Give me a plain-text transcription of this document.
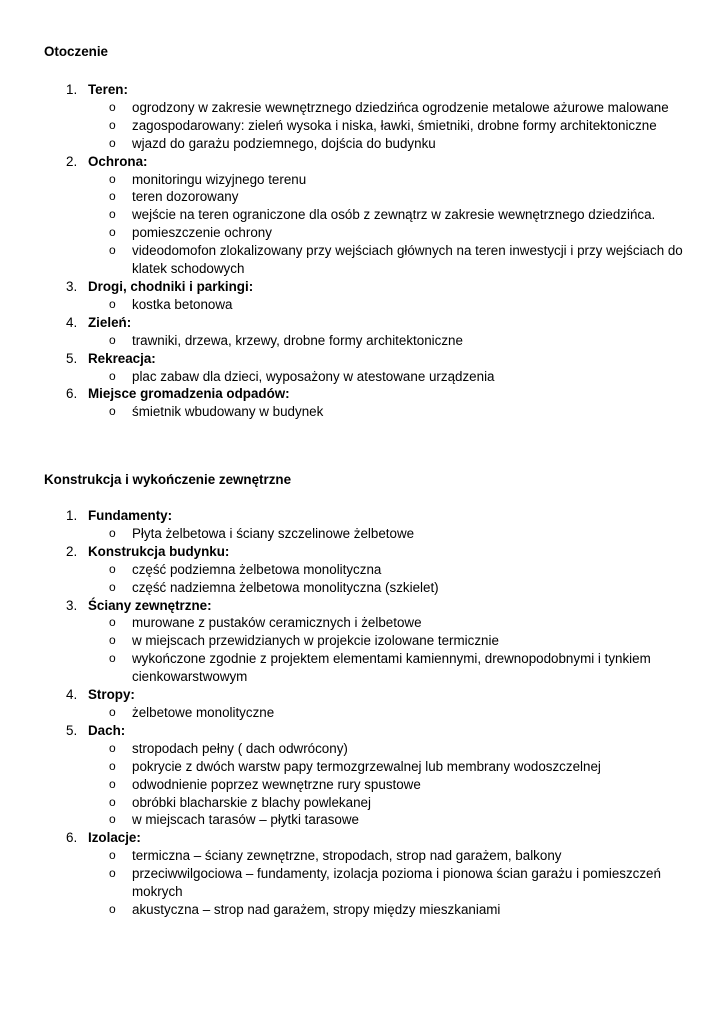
Otoczenie

1. Teren:
o ogrodzony w zakresie wewnętrznego dziedzińca ogrodzenie metalowe ażurowe malowane
o zagospodarowany: zieleń wysoka i niska, ławki, śmietniki, drobne formy architektoniczne
o wjazd do garażu podziemnego, dojścia do budynku
2. Ochrona:
o monitoringu wizyjnego terenu
o teren dozorowany
o wejście na teren ograniczone dla osób z zewnątrz w zakresie wewnętrznego dziedzińca.
o pomieszczenie ochrony
o videodomofon zlokalizowany przy wejściach głównych na teren inwestycji i przy wejściach do klatek schodowych
3. Drogi, chodniki i parkingi:
o kostka betonowa
4. Zieleń:
o trawniki, drzewa, krzewy, drobne formy architektoniczne
5. Rekreacja:
o plac zabaw dla dzieci, wyposażony w atestowane urządzenia
6. Miejsce gromadzenia odpadów:
o śmietnik wbudowany w budynek

Konstrukcja i wykończenie zewnętrzne

1. Fundamenty:
o Płyta żelbetowa i ściany szczelinowe żelbetowe
2. Konstrukcja budynku:
o część podziemna żelbetowa monolityczna
o część nadziemna żelbetowa monolityczna (szkielet)
3. Ściany zewnętrzne:
o murowane z pustaków ceramicznych i żelbetowe
o w miejscach przewidzianych w projekcie izolowane termicznie
o wykończone zgodnie z projektem elementami kamiennymi, drewnopodobnymi i tynkiem cienkowarstwowym
4. Stropy:
o żelbetowe monolityczne
5. Dach:
o stropodach pełny ( dach odwrócony)
o pokrycie z dwóch warstw papy termozgrzewalnej lub membrany wodoszczelnej
o odwodnienie poprzez wewnętrzne rury spustowe
o obróbki blacharskie z blachy powlekanej
o w miejscach tarasów – płytki tarasowe
6. Izolacje:
o termiczna – ściany zewnętrzne, stropodach, strop nad garażem, balkony
o przeciwwilgociowa – fundamenty, izolacja pozioma i pionowa ścian garażu i pomieszczeń mokrych
o akustyczna – strop nad garażem, stropy między mieszkaniami
